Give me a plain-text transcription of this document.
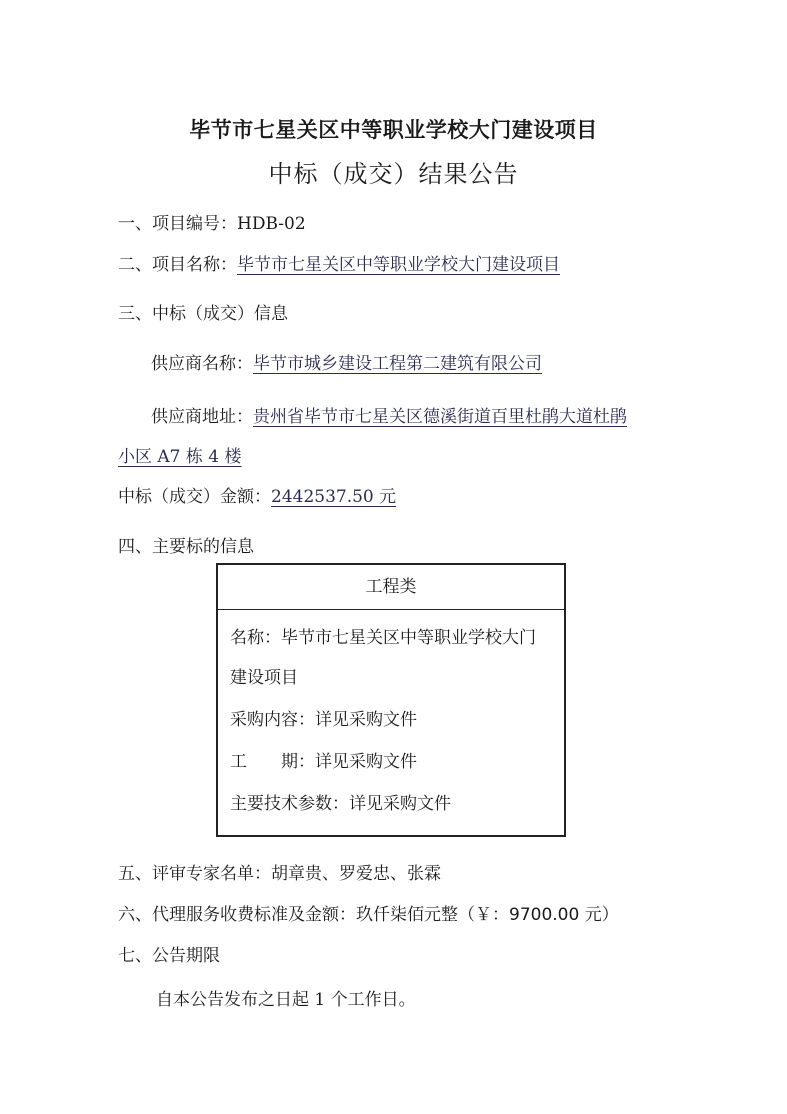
毕节市七星关区中等职业学校大门建设项目
中标（成交）结果公告
一、项目编号：HDB-02
二、项目名称：毕节市七星关区中等职业学校大门建设项目
三、中标（成交）信息
供应商名称：毕节市城乡建设工程第二建筑有限公司
供应商地址：贵州省毕节市七星关区德溪街道百里杜鹃大道杜鹃
小区 A7 栋 4 楼
中标（成交）金额：2442537.50 元
四、主要标的信息
工程类
名称：毕节市七星关区中等职业学校大门
建设项目
采购内容：详见采购文件
工　　期：详见采购文件
主要技术参数：详见采购文件
五、评审专家名单：胡章贵、罗爱忠、张霖
六、代理服务收费标准及金额：玖仟柒佰元整（￥：9700.00 元）
七、公告期限
自本公告发布之日起 1 个工作日。
